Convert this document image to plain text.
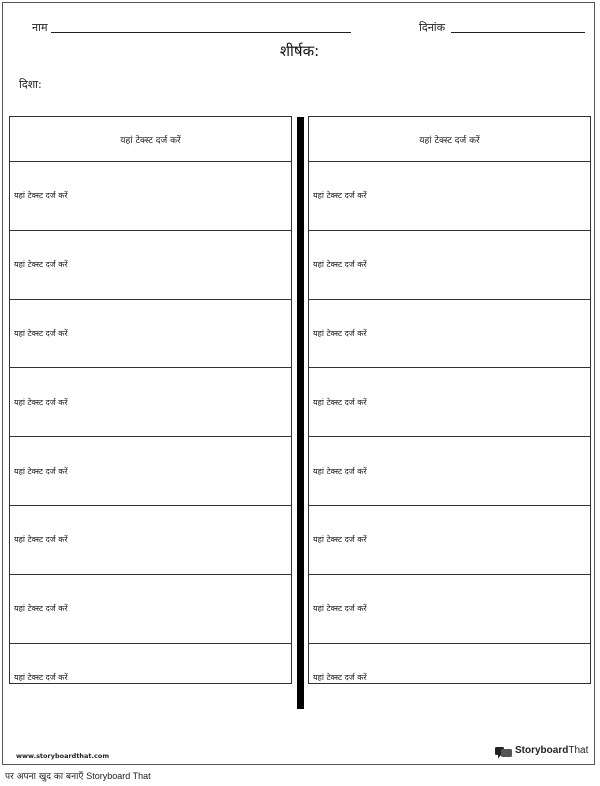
नाम	दिनांक
शीर्षक:
दिशा:
यहां टेक्स्ट दर्ज करें
यहां टेक्स्ट दर्ज करें
यहां टेक्स्ट दर्ज करें
यहां टेक्स्ट दर्ज करें
यहां टेक्स्ट दर्ज करें
यहां टेक्स्ट दर्ज करें
यहां टेक्स्ट दर्ज करें
यहां टेक्स्ट दर्ज करें
यहां टेक्स्ट दर्ज करें
यहां टेक्स्ट दर्ज करें
यहां टेक्स्ट दर्ज करें
यहां टेक्स्ट दर्ज करें
यहां टेक्स्ट दर्ज करें
यहां टेक्स्ट दर्ज करें
यहां टेक्स्ट दर्ज करें
यहां टेक्स्ट दर्ज करें
यहां टेक्स्ट दर्ज करें
यहां टेक्स्ट दर्ज करें
www.storyboardthat.com	StoryboardThat
पर अपना खुद का बनाएँ Storyboard That
